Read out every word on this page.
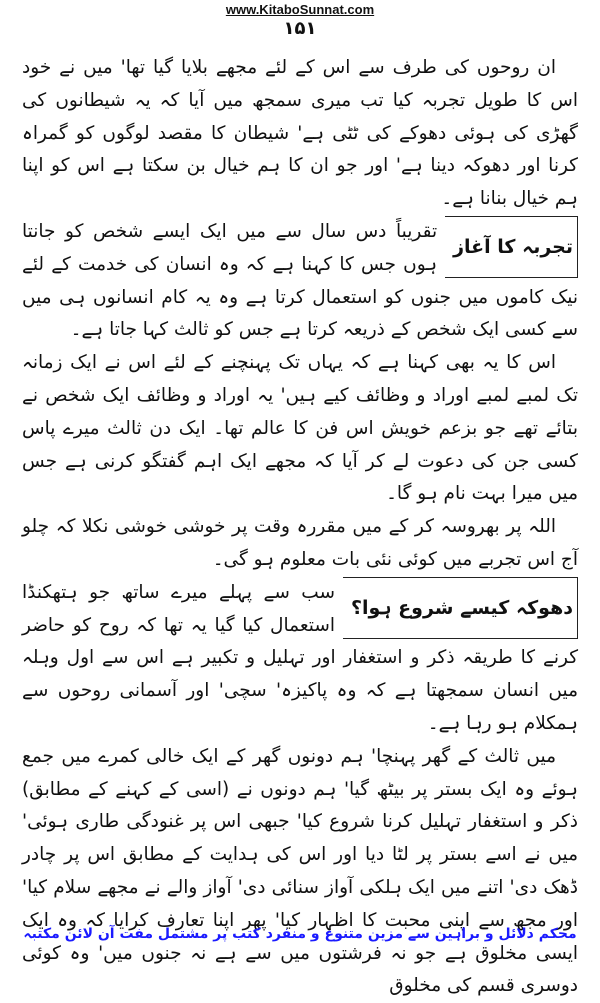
www.KitaboSunnat.com
۱۵۱

ان روحوں کی طرف سے اس کے لئے مجھے بلایا گیا تھا' میں نے خود اس کا طویل تجربہ کیا تب میری سمجھ میں آیا کہ یہ شیطانوں کی گھڑی کی ہوئی دھوکے کی ٹٹی ہے' شیطان کا مقصد لوگوں کو گمراہ کرنا اور دھوکہ دینا ہے' اور جو ان کا ہم خیال بن سکتا ہے اس کو اپنا ہم خیال بنانا ہے۔

تجربہ کا آغاز

تقریباً دس سال سے میں ایک ایسے شخص کو جانتا ہوں جس کا کہنا ہے کہ وہ انسان کی خدمت کے لئے نیک کاموں میں جنوں کو استعمال کرتا ہے وہ یہ کام انسانوں ہی میں سے کسی ایک شخص کے ذریعہ کرتا ہے جس کو ثالث کہا جاتا ہے۔

اس کا یہ بھی کہنا ہے کہ یہاں تک پہنچنے کے لئے اس نے ایک زمانہ تک لمبے لمبے اوراد و وظائف کیے ہیں' یہ اوراد و وظائف ایک شخص نے بتائے تھے جو بزعم خویش اس فن کا عالم تھا۔ ایک دن ثالث میرے پاس کسی جن کی دعوت لے کر آیا کہ مجھے ایک اہم گفتگو کرنی ہے جس میں میرا بہت نام ہو گا۔

اللہ پر بھروسہ کر کے میں مقررہ وقت پر خوشی خوشی نکلا کہ چلو آج اس تجربے میں کوئی نئی بات معلوم ہو گی۔

دھوکہ کیسے شروع ہوا؟

سب سے پہلے میرے ساتھ جو ہتھکنڈا استعمال کیا گیا یہ تھا کہ روح کو حاضر کرنے کا طریقہ ذکر و استغفار اور تہلیل و تکبیر ہے اس سے اول وہلہ میں انسان سمجھتا ہے کہ وہ پاکیزہ' سچی' اور آسمانی روحوں سے ہمکلام ہو رہا ہے۔

میں ثالث کے گھر پہنچا' ہم دونوں گھر کے ایک خالی کمرے میں جمع ہوئے وہ ایک بستر پر بیٹھ گیا' ہم دونوں نے (اسی کے کہنے کے مطابق) ذکر و استغفار تہلیل کرنا شروع کیا' جبھی اس پر غنودگی طاری ہوئی' میں نے اسے بستر پر لٹا دیا اور اس کی ہدایت کے مطابق اس پر چادر ڈھک دی' اتنے میں ایک ہلکی آواز سنائی دی' آواز والے نے مجھے سلام کیا' اور مجھ سے اپنی محبت کا اظہار کیا' پھر اپنا تعارف کرایا کہ وہ ایک ایسی مخلوق ہے جو نہ فرشتوں میں سے ہے نہ جنوں میں' وہ کوئی دوسری قسم کی مخلوق

محکم دلائل و براہین سے مزین متنوع و منفرد کتب پر مشتمل مفت آن لائن مکتبہ
